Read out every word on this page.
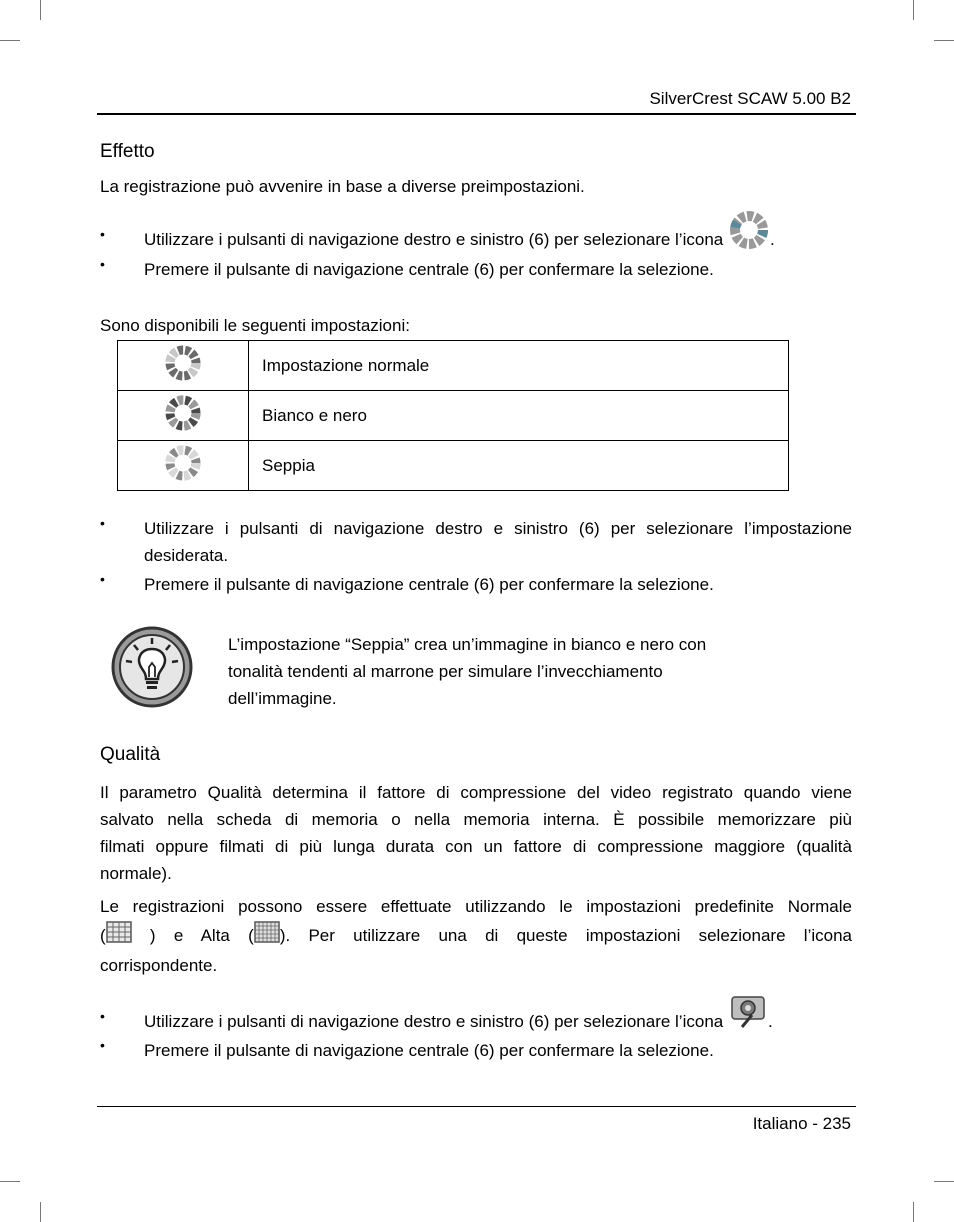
SilverCrest SCAW 5.00 B2
Effetto
La registrazione può avvenire in base a diverse preimpostazioni.
• Utilizzare i pulsanti di navigazione destro e sinistro (6) per selezionare l’icona	.
• Premere il pulsante di navigazione centrale (6) per confermare la selezione.
Sono disponibili le seguenti impostazioni:
	Impostazione normale
	Bianco e nero
	Seppia
• Utilizzare i pulsanti di navigazione destro e sinistro (6) per selezionare l’impostazione
desiderata.
• Premere il pulsante di navigazione centrale (6) per confermare la selezione.
L’impostazione “Seppia” crea un’immagine in bianco e nero con
tonalità tendenti al marrone per simulare l’invecchiamento
dell’immagine.
Qualità
Il parametro Qualità determina il fattore di compressione del video registrato quando viene
salvato nella scheda di memoria o nella memoria interna. È possibile memorizzare più
filmati oppure filmati di più lunga durata con un fattore di compressione maggiore (qualità
normale).
Le registrazioni possono essere effettuate utilizzando le impostazioni predefinite Normale
(	) e Alta ( ). Per utilizzare una di queste impostazioni selezionare l’icona
corrispondente.
• Utilizzare i pulsanti di navigazione destro e sinistro (6) per selezionare l’icona	.
• Premere il pulsante di navigazione centrale (6) per confermare la selezione.
Italiano - 235
